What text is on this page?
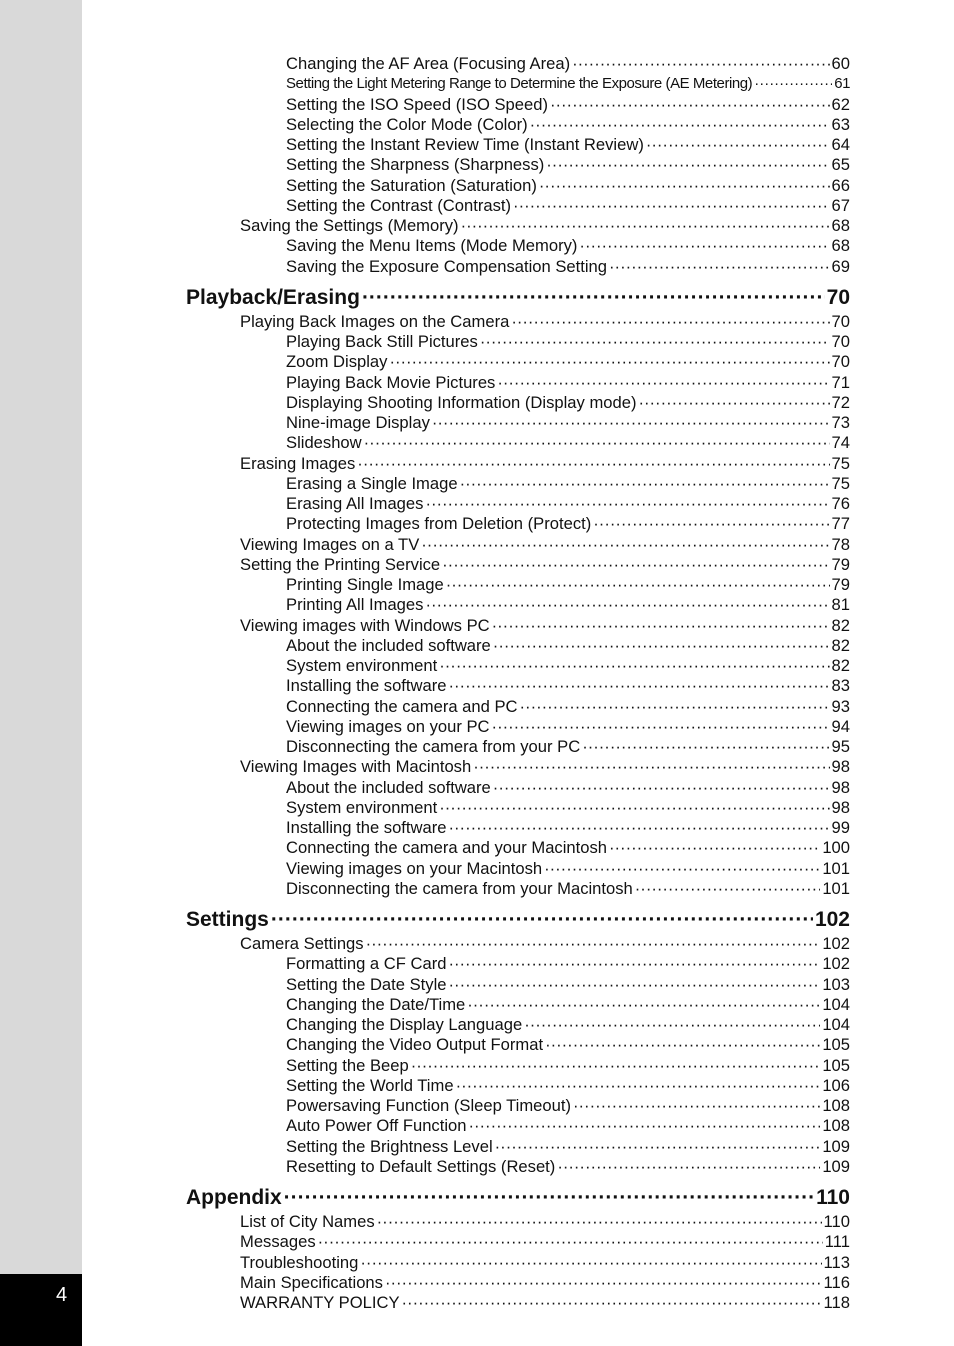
4
Changing the AF Area (Focusing Area) ·····	60
Setting the Light Metering Range to Determine the Exposure (AE Metering) ·····	61
Setting the ISO Speed (ISO Speed) ·····	62
Selecting the Color Mode (Color) ·····	63
Setting the Instant Review Time (Instant Review) ·····	64
Setting the Sharpness (Sharpness) ·····	65
Setting the Saturation (Saturation) ·····	66
Setting the Contrast (Contrast) ·····	67
Saving the Settings (Memory) ·····	68
Saving the Menu Items (Mode Memory) ·····	68
Saving the Exposure Compensation Setting ·····	69
Playback/Erasing ·····	70
Playing Back Images on the Camera ·····	70
Playing Back Still Pictures ·····	70
Zoom Display ·····	70
Playing Back Movie Pictures ·····	71
Displaying Shooting Information (Display mode) ·····	72
Nine-image Display ·····	73
Slideshow ·····	74
Erasing Images ·····	75
Erasing a Single Image ·····	75
Erasing All Images ·····	76
Protecting Images from Deletion (Protect) ·····	77
Viewing Images on a TV ·····	78
Setting the Printing Service ·····	79
Printing Single Image ·····	79
Printing All Images ·····	81
Viewing images with Windows PC ·····	82
About the included software ·····	82
System environment ·····	82
Installing the software ·····	83
Connecting the camera and PC ·····	93
Viewing images on your PC ·····	94
Disconnecting the camera from your PC ·····	95
Viewing Images with Macintosh ·····	98
About the included software ·····	98
System environment ·····	98
Installing the software ·····	99
Connecting the camera and your Macintosh ·····	100
Viewing images on your Macintosh ·····	101
Disconnecting the camera from your Macintosh ·····	101
Settings ·····	102
Camera Settings ·····	102
Formatting a CF Card ·····	102
Setting the Date Style ·····	103
Changing the Date/Time ·····	104
Changing the Display Language ·····	104
Changing the Video Output Format ·····	105
Setting the Beep ·····	105
Setting the World Time ·····	106
Powersaving Function (Sleep Timeout) ·····	108
Auto Power Off Function ·····	108
Setting the Brightness Level ·····	109
Resetting to Default Settings (Reset) ·····	109
Appendix ·····	110
List of City Names ·····	110
Messages ·····	111
Troubleshooting ·····	113
Main Specifications ·····	116
WARRANTY POLICY ·····	118
